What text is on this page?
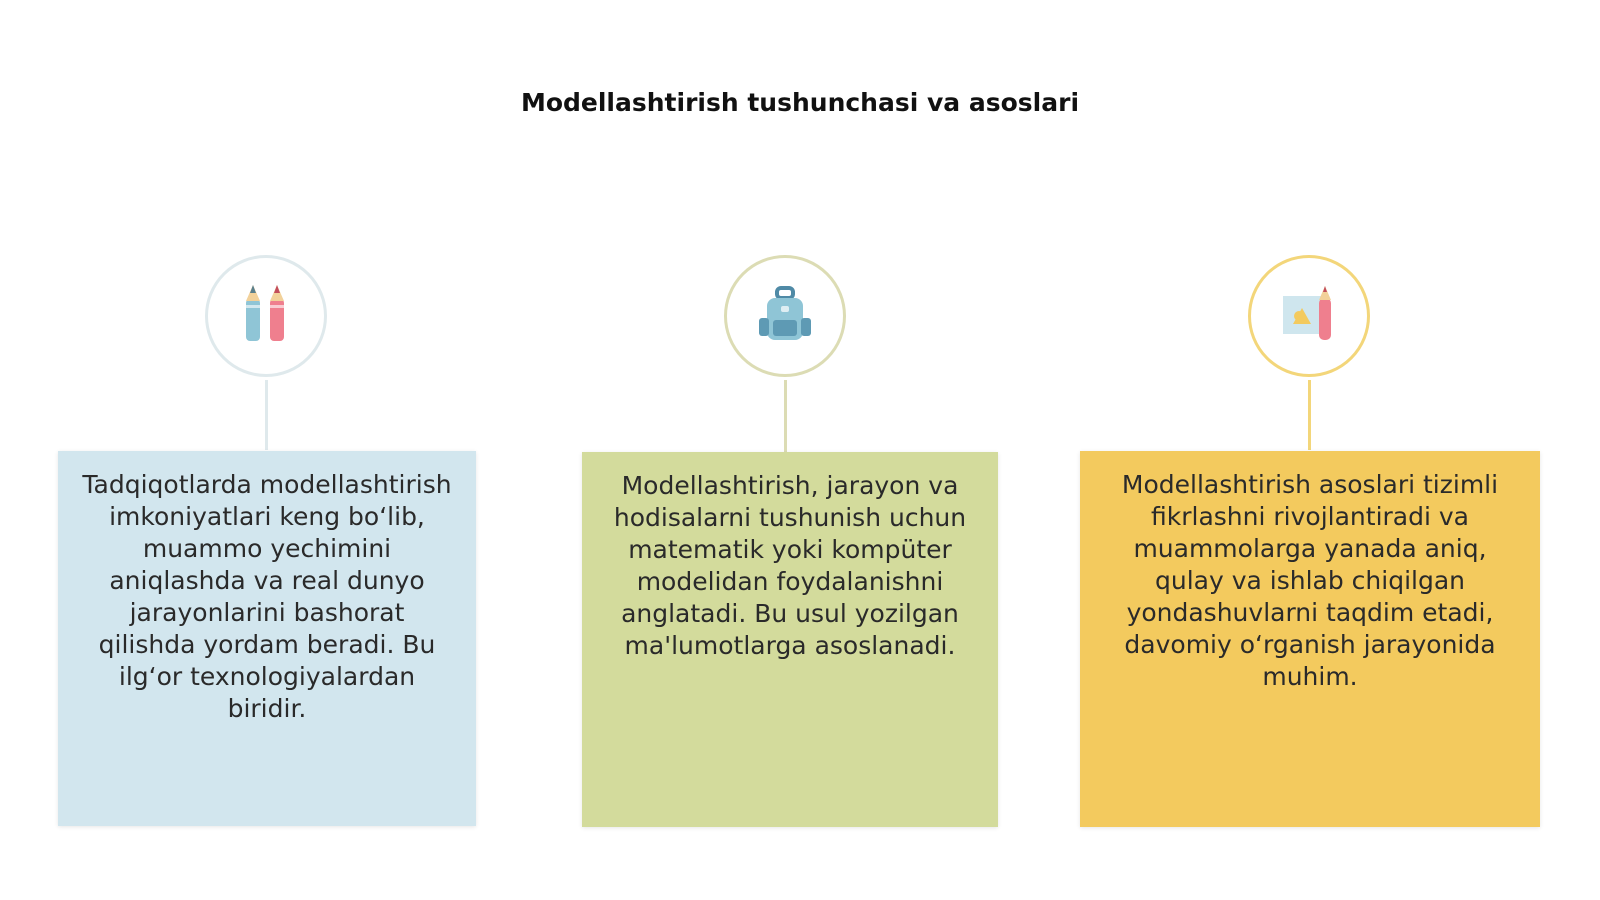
Modellashtirish tushunchasi va asoslari
Tadqiqotlarda modellashtirish imkoniyatlari keng bo‘lib, muammo yechimini aniqlashda va real dunyo jarayonlarini bashorat qilishda yordam beradi. Bu ilg‘or texnologiyalardan biridir.
Modellashtirish, jarayon va hodisalarni tushunish uchun matematik yoki kompüter modelidan foydalanishni anglatadi. Bu usul yozilgan ma'lumotlarga asoslanadi.
Modellashtirish asoslari tizimli fikrlashni rivojlantiradi va muammolarga yanada aniq, qulay va ishlab chiqilgan yondashuvlarni taqdim etadi, davomiy o‘rganish jarayonida muhim.
